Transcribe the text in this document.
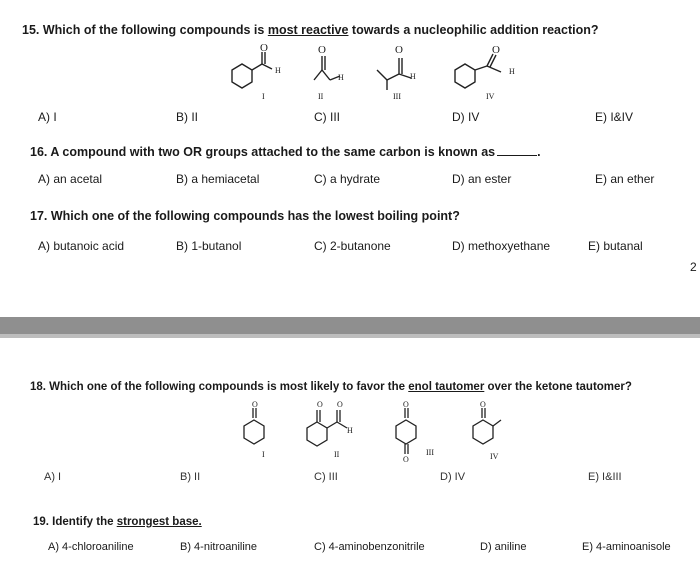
15. Which of the following compounds is most reactive towards a nucleophilic addition reaction?
O
H
I
O
H
II
O
H
III
O
H
IV
A) I	B) II	C) III	D) IV	E) I&IV
16. A compound with two OR groups attached to the same carbon is known as	.
A) an acetal	B) a hemiacetal	C) a hydrate	D) an ester	E) an ether
17. Which one of the following compounds has the lowest boiling point?
A) butanoic acid	B) 1-butanol	C) 2-butanone	D) methoxyethane	E) butanal
2
18. Which one of the following compounds is most likely to favor the enol tautomer over the ketone tautomer?
O
I
O O
H
II
O
O
III
O
IV
A) I	B) II	C) III	D) IV	E) I&III
19. Identify the strongest base.
A) 4-chloroaniline	B) 4-nitroaniline	C) 4-aminobenzonitrile	D) aniline	E) 4-aminoanisole
